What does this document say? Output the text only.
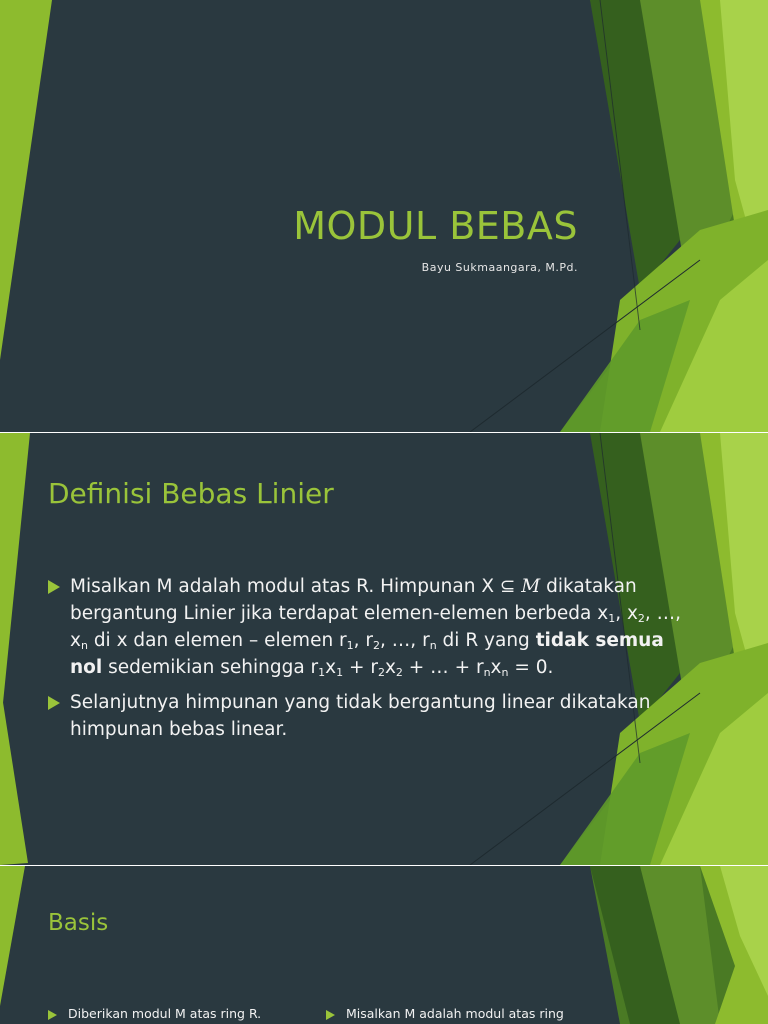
MODUL BEBAS
Bayu Sukmaangara, M.Pd.
Definisi Bebas Linier
Misalkan M adalah modul atas R. Himpunan X ⊆ M dikatakan bergantung Linier jika terdapat elemen-elemen berbeda $x_1$, $x_2$, …, $x_n$ di x dan elemen – elemen $r_1$, $r_2$, …, $r_n$ di R yang tidak semua nol sedemikian sehingga $r_1x_1 + r_2x_2$ + … + $r_nx_n = 0$.
Selanjutnya himpunan yang tidak bergantung linear dikatakan himpunan bebas linear.
Basis
Diberikan modul M atas ring R.	Misalkan M adalah modul atas ring
